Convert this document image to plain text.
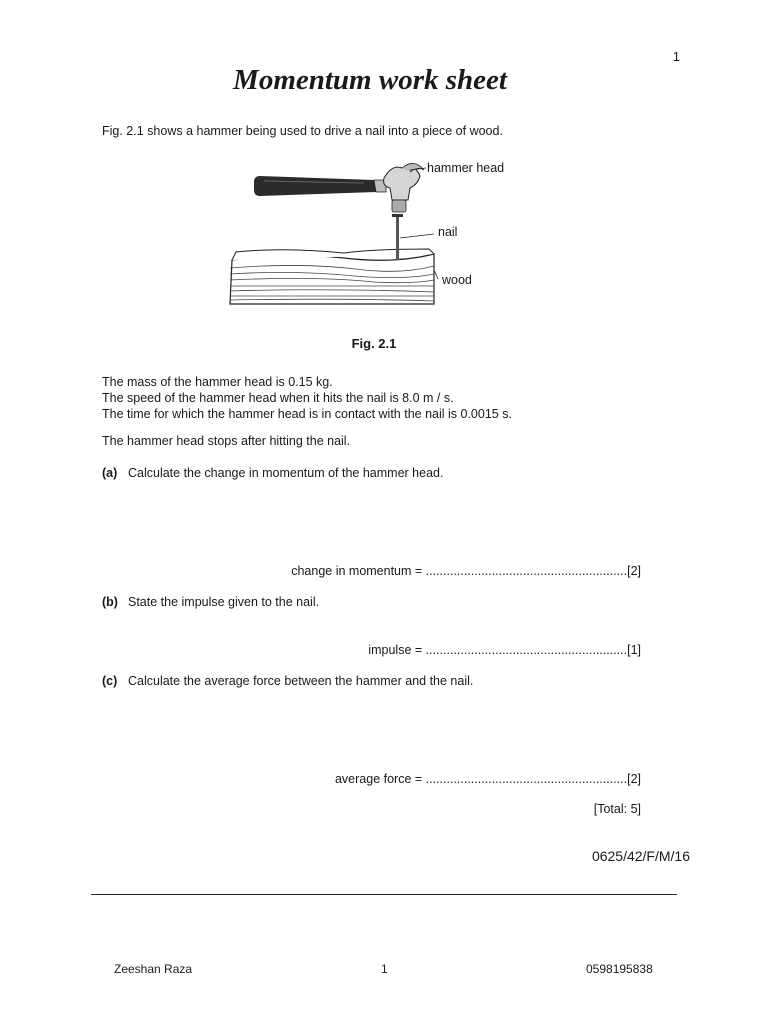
1
Momentum work sheet
Fig. 2.1 shows a hammer being used to drive a nail into a piece of wood.
hammer head
nail
wood
Fig. 2.1
The mass of the hammer head is 0.15 kg.
The speed of the hammer head when it hits the nail is 8.0 m / s.
The time for which the hammer head is in contact with the nail is 0.0015 s.
The hammer head stops after hitting the nail.
(a) Calculate the change in momentum of the hammer head.
change in momentum = ..........................................................[2]
(b) State the impulse given to the nail.
impulse = ..........................................................[1]
(c) Calculate the average force between the hammer and the nail.
average force = ..........................................................[2]
[Total: 5]
0625/42/F/M/16
Zeeshan Raza	1	0598195838
